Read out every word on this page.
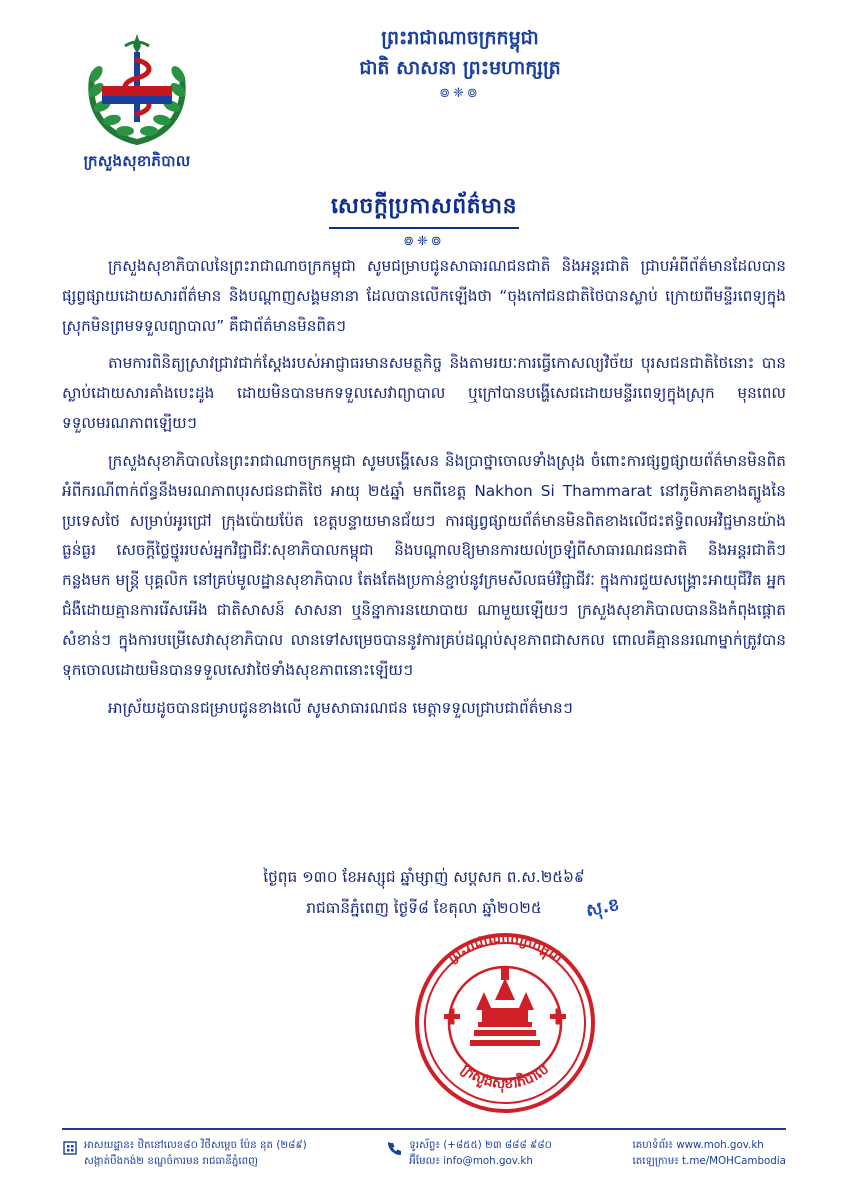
ក្រសួងសុខាភិបាល
ព្រះរាជាណាចក្រកម្ពុជា
ជាតិ សាសនា ព្រះមហាក្សត្រ
៙❈៙
សេចក្ដីប្រកាសព័ត៌មាន
៙❈៙

ក្រសួងសុខាភិបាលនៃព្រះរាជាណាចក្រកម្ពុជា សូមជម្រាបជូនសាធារណជនជាតិ និងអន្តរជាតិ ជ្រាបអំពីព័ត៌មានដែលបានផ្សព្វផ្សាយដោយសារព័ត៌មាន និងបណ្ដាញសង្គមនានា ដែលបានលើកឡើងថា “ចុងកៅជនជាតិថៃបានស្លាប់ ក្រោយពីមន្ទីរពេទ្យក្នុងស្រុកមិនព្រមទទួលព្យាបាល” គឺជាព័ត៌មានមិនពិតៗ

តាមការពិនិត្យស្រាវជ្រាវជាក់ស្ដែងរបស់អាជ្ញាធរមានសមត្ថកិច្ច និងតាមរយៈការធ្វើកោសល្យវិច័យ បុរសជនជាតិថៃនោះ បានស្លាប់ដោយសារគាំងបេះដូង ដោយមិនបានមកទទួលសេវាព្យាបាល ឬក្រៅបានបង្ហើសេជដោយមន្ទីរពេទ្យក្នុងស្រុក មុនពេលទទួលមរណភាពឡើយៗ

ក្រសួងសុខាភិបាលនៃព្រះរាជាណាចក្រកម្ពុជា សូមបង្ហើសេន និងប្រាថ្នាចោលទាំងស្រុង ចំពោះការផ្សព្វផ្សាយព័ត៌មានមិនពិត អំពីករណីពាក់ព័ន្ធនឹងមរណភាពបុរសជនជាតិថៃ អាយុ ២៥ឆ្នាំ មកពីខេត្ត Nakhon Si Thammarat នៅភូមិភាគខាងត្បូងនៃប្រទេសថៃ សម្រាប់អូរជ្រៅ ក្រុងប៉ោយប៉ែត ខេត្តបន្ទាយមានជ័យៗ ការផ្សព្វផ្សាយព័ត៌មានមិនពិតខាងលើជះឥទ្ធិពលអវិជ្ជមានយ៉ាងធ្ងន់ធ្ងរ សេចក្ដីថ្លៃថ្នូររបស់អ្នកវិជ្ជាជីវៈសុខាភិបាលកម្ពុជា និងបណ្ដាលឱ្យមានការយល់ច្រឡំពីសាធារណជនជាតិ និងអន្តរជាតិៗ កន្លងមក មន្ត្រី បុគ្គលិក នៅគ្រប់មូលដ្ឋានសុខាភិបាល តែងតែងប្រកាន់ខ្ជាប់នូវក្រមសីលធម៌វិជ្ជាជីវៈ ក្នុងការជួយសង្គ្រោះអាយុជីវិត អ្នកជំងឺដោយគ្មានការរើសអើង ជាតិសាសន៍ សាសនា ឬនិន្នាការនយោបាយ ណាមួយឡើយៗ ក្រសួងសុខាភិបាលបាននិងកំពុងផ្ដោតសំខាន់ៗ ក្នុងការបម្រើសេវាសុខាភិបាល លានទៅសម្រេចបាននូវការគ្រប់ដណ្ដប់សុខភាពជាសកល ពោលគឺគ្មាននរណាម្នាក់ត្រូវបានទុកចោលដោយមិនបានទទួលសេវាថៃទាំងសុខភាពនោះឡើយៗ

អាស្រ័យដូចបានជម្រាបជូនខាងលើ សូមសាធារណជន មេត្តាទទួលជ្រាបជាព័ត៌មានៗ

ថ្ងៃពុធ ១៣០ ខែអស្សុជ ឆ្នាំម្សាញ់ សប្ដសក ព.ស.២៥៦៩
រាជធានីភ្នំពេញ ថ្ងៃទី៨ ខែតុលា ឆ្នាំ២០២៥	សុ.ខ
ព្រះរាជាណាចក្រកម្ពុជា
ក្រសួងសុខាភិបាល
អាសយដ្ឋាន៖ ឋិតនៅលេខ៨០ វិថីសម្ដេច ប៉ែន នុត (២៨៩)
សង្កាត់បឹងកង់២ ខណ្ឌចំការមន រាជធានីភ្នំពេញ
ទូរស័ព្ទ៖ (+៨៥៥) ២៣ ៨៨៨ ៩៨០
អ៊ីមែល៖ info@moh.gov.kh
គេហទំព័រ៖ www.moh.gov.kh
តេឡេក្រាម៖ t.me/MOHCambodia
